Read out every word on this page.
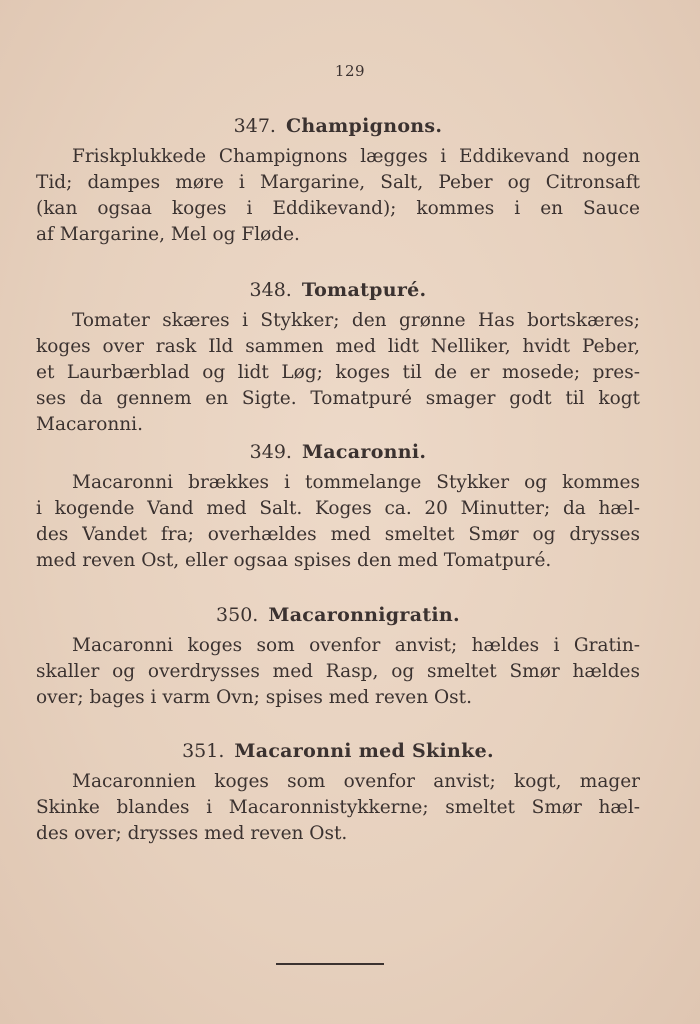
129
347. Champignons.
Friskplukkede Champignons lægges i Eddikevand nogen
Tid; dampes møre i Margarine, Salt, Peber og Citronsaft
(kan ogsaa koges i Eddikevand); kommes i en Sauce
af Margarine, Mel og Fløde.
348. Tomatpuré.
Tomater skæres i Stykker; den grønne Has bortskæres;
koges over rask Ild sammen med lidt Nelliker, hvidt Peber,
et Laurbærblad og lidt Løg; koges til de er mosede; pres-
ses da gennem en Sigte. Tomatpuré smager godt til kogt
Macaronni.
349. Macaronni.
Macaronni brækkes i tommelange Stykker og kommes
i kogende Vand med Salt. Koges ca. 20 Minutter; da hæl-
des Vandet fra; overhældes med smeltet Smør og drysses
med reven Ost, eller ogsaa spises den med Tomatpuré.
350. Macaronnigratin.
Macaronni koges som ovenfor anvist; hældes i Gratin-
skaller og overdrysses med Rasp, og smeltet Smør hældes
over; bages i varm Ovn; spises med reven Ost.
351. Macaronni med Skinke.
Macaronnien koges som ovenfor anvist; kogt, mager
Skinke blandes i Macaronnistykkerne; smeltet Smør hæl-
des over; drysses med reven Ost.
